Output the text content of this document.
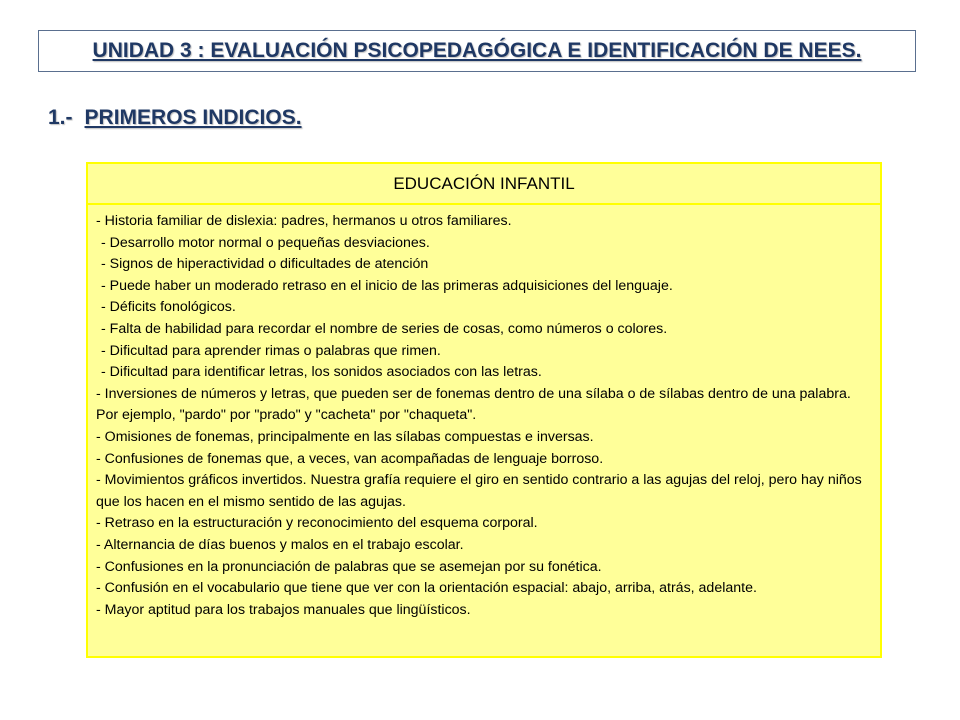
UNIDAD 3 : EVALUACIÓN PSICOPEDAGÓGICA E IDENTIFICACIÓN DE NEES.
1.- PRIMEROS INDICIOS.
EDUCACIÓN INFANTIL

- Historia familiar de dislexia: padres, hermanos u otros familiares.

- Desarrollo motor normal o pequeñas desviaciones.

- Signos de hiperactividad o dificultades de atención

- Puede haber un moderado retraso en el inicio de las primeras adquisiciones del lenguaje.

- Déficits fonológicos.

- Falta de habilidad para recordar el nombre de series de cosas, como números o colores.

- Dificultad para aprender rimas o palabras que rimen.

- Dificultad para identificar letras, los sonidos asociados con las letras.

- Inversiones de números y letras, que pueden ser de fonemas dentro de una sílaba o de sílabas dentro de una palabra. Por ejemplo, "pardo" por "prado" y "cacheta" por "chaqueta".

- Omisiones de fonemas, principalmente en las sílabas compuestas e inversas.

- Confusiones de fonemas que, a veces, van acompañadas de lenguaje borroso.

- Movimientos gráficos invertidos. Nuestra grafía requiere el giro en sentido contrario a las agujas del reloj, pero hay niños que los hacen en el mismo sentido de las agujas.

- Retraso en la estructuración y reconocimiento del esquema corporal.

- Alternancia de días buenos y malos en el trabajo escolar.

- Confusiones en la pronunciación de palabras que se asemejan por su fonética.

- Confusión en el vocabulario que tiene que ver con la orientación espacial: abajo, arriba, atrás, adelante.

- Mayor aptitud para los trabajos manuales que lingüísticos.
